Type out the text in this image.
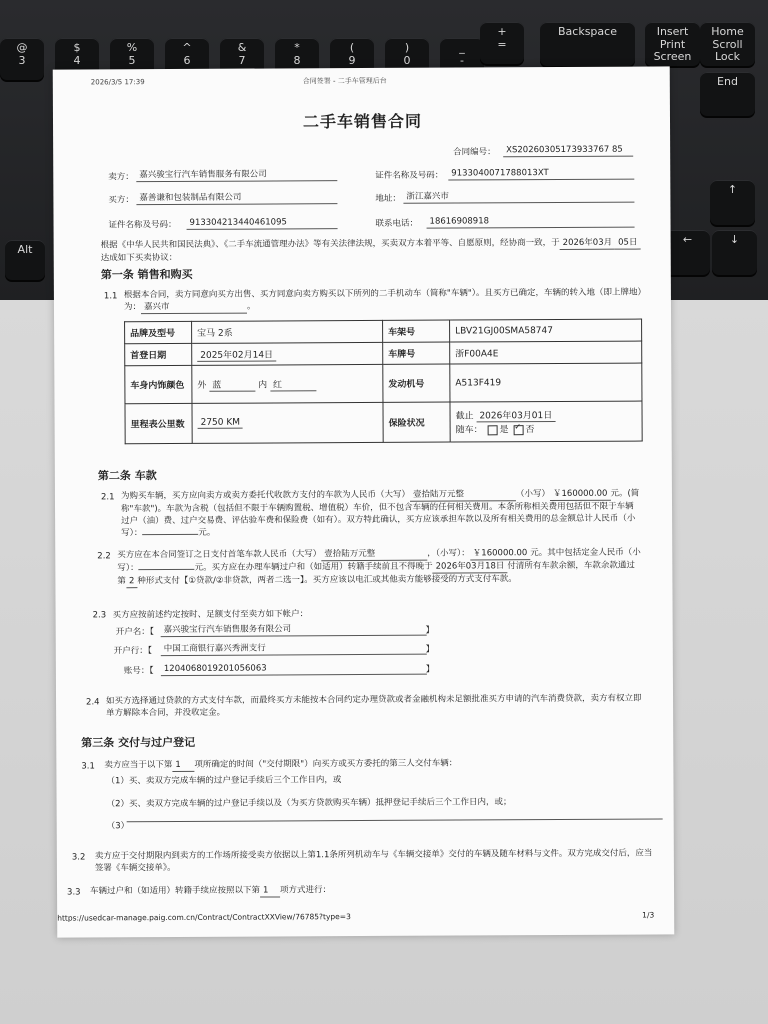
@
3
$
4
%
5
^
6
&
7
*
8
(
9
)
0
_
-
+
=
Backspace	Insert
Print Screen
Home
Scroll Lock
End
Alt
↑
←	↓
2026/3/5 17:39	合同签署 - 二手车管理后台
二手车销售合同
合同编号：	XS20260305173933767 85
卖方： 嘉兴骏宝行汽车销售服务有限公司	证件名称及号码： 9133040071788013XT
买方： 嘉善谦和包装制品有限公司	地址： 浙江嘉兴市
证件名称及号码：	913304213440461095	联系电话：	18616908918
根据《中华人民共和国民法典》、《二手车流通管理办法》等有关法律法规，买卖双方本着平等、自愿原则，经协商一致，于 2026年03月 05日达成如下买卖协议：
第一条 销售和购买
1.1 根据本合同，卖方同意向买方出售、买方同意向卖方购买以下所列的二手机动车（简称"车辆"）。且买方已确定，车辆的转入地（即上牌地）为： 嘉兴市	。
品牌及型号	宝马 2系	车架号	LBV21GJ00SMA58747
首登日期	2025年02月14日	车牌号	浙F00A4E
车身内饰颜色	外 蓝 内 红	发动机号	A513F419
里程表公里数	2750 KM	保险状况	截止 2026年03月01日
随车： 是 ✓ 否
第二条 车款
2.1 为购买车辆，买方应向卖方或卖方委托代收款方支付的车款为人民币（大写） 壹拾陆万元整	（小写） ￥160000.00 元。(简称"车款")。车款为含税（包括但不限于车辆购置税、增值税）车价，但不包含车辆的任何相关费用。本条所称相关费用包括但不限于车辆过户（油）费、过户交易费、评估验车费和保险费（如有）。双方特此确认，买方应该承担车款以及所有相关费用的总金额总计人民币（小写）：	元。
2.2 买方应在本合同签订之日支付首笔车款人民币（大写） 壹拾陆万元整	，（小写）： ￥160000.00 元。其中包括定金人民币（小写）：	元。买方应在办理车辆过户和（如适用）转籍手续前且不得晚于 2026年03月18日 付清所有车款余额，车款余款通过第 2 种形式支付【①贷款/②非贷款，两者二选一】。买方应该以电汇或其他卖方能够接受的方式支付车款。
2.3 买方应按前述约定按时、足额支付至卖方如下帐户：
开户名：【	嘉兴骏宝行汽车销售服务有限公司	】
开户行：【	中国工商银行嘉兴秀洲支行	】
账号：【	1204068019201056063	】
2.4 如买方选择通过贷款的方式支付车款，而最终买方未能按本合同约定办理贷款或者金融机构未足额批准买方申请的汽车消费贷款，卖方有权立即单方解除本合同，并没收定金。
第三条 交付与过户登记
3.1 卖方应当于以下第 1 项所确定的时间（"交付期限"）向买方或买方委托的第三人交付车辆：
（1）买、卖双方完成车辆的过户登记手续后三个工作日内，或
（2）买、卖双方完成车辆的过户登记手续以及（为买方贷款购买车辆）抵押登记手续后三个工作日内，或；
（3）
3.2 卖方应于交付期限内到卖方的工作场所接受卖方依据以上第1.1条所列机动车与《车辆交接单》交付的车辆及随车材料与文件。双方完成交付后，应当签署《车辆交接单》。
3.3 车辆过户和（如适用）转籍手续应按照以下第 1 项方式进行：
https://usedcar-manage.paig.com.cn/Contract/ContractXXView/76785?type=3	1/3
